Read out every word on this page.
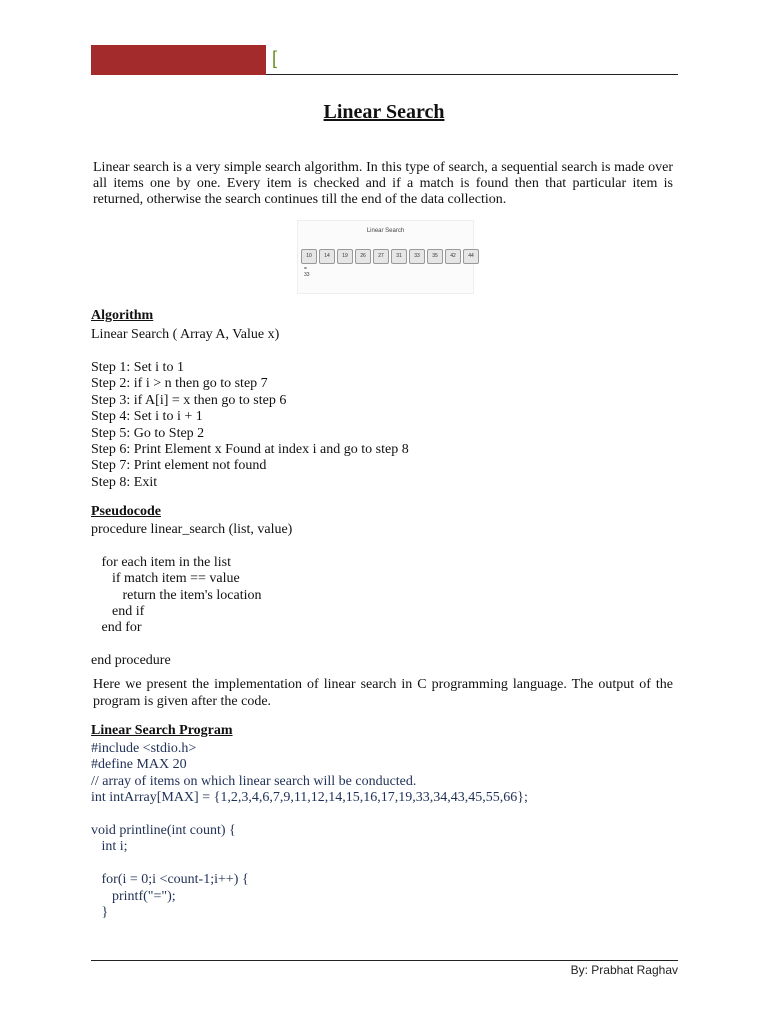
[
Linear Search
Linear search is a very simple search algorithm. In this type of search, a sequential search is made over all items one by one. Every item is checked and if a match is found then that particular item is returned, otherwise the search continues till the end of the data collection.
Linear Search
10	14	19	26	27	31	33	35	42	44
=
33
Algorithm
Linear Search ( Array A, Value x)
Step 1: Set i to 1
Step 2: if i > n then go to step 7
Step 3: if A[i] = x then go to step 6
Step 4: Set i to i + 1
Step 5: Go to Step 2
Step 6: Print Element x Found at index i and go to step 8
Step 7: Print element not found
Step 8: Exit
Pseudocode
procedure linear_search (list, value)

for each item in the list
if match item == value
return the item's location
end if
end for

end procedure
Here we present the implementation of linear search in C programming language. The output of the program is given after the code.
Linear Search Program
#include <stdio.h>
#define MAX 20
// array of items on which linear search will be conducted.
int intArray[MAX] = {1,2,3,4,6,7,9,11,12,14,15,16,17,19,33,34,43,45,55,66};
void printline(int count) {
int i;
for(i = 0;i <count-1;i++) {
printf("=");
}
By: Prabhat Raghav
